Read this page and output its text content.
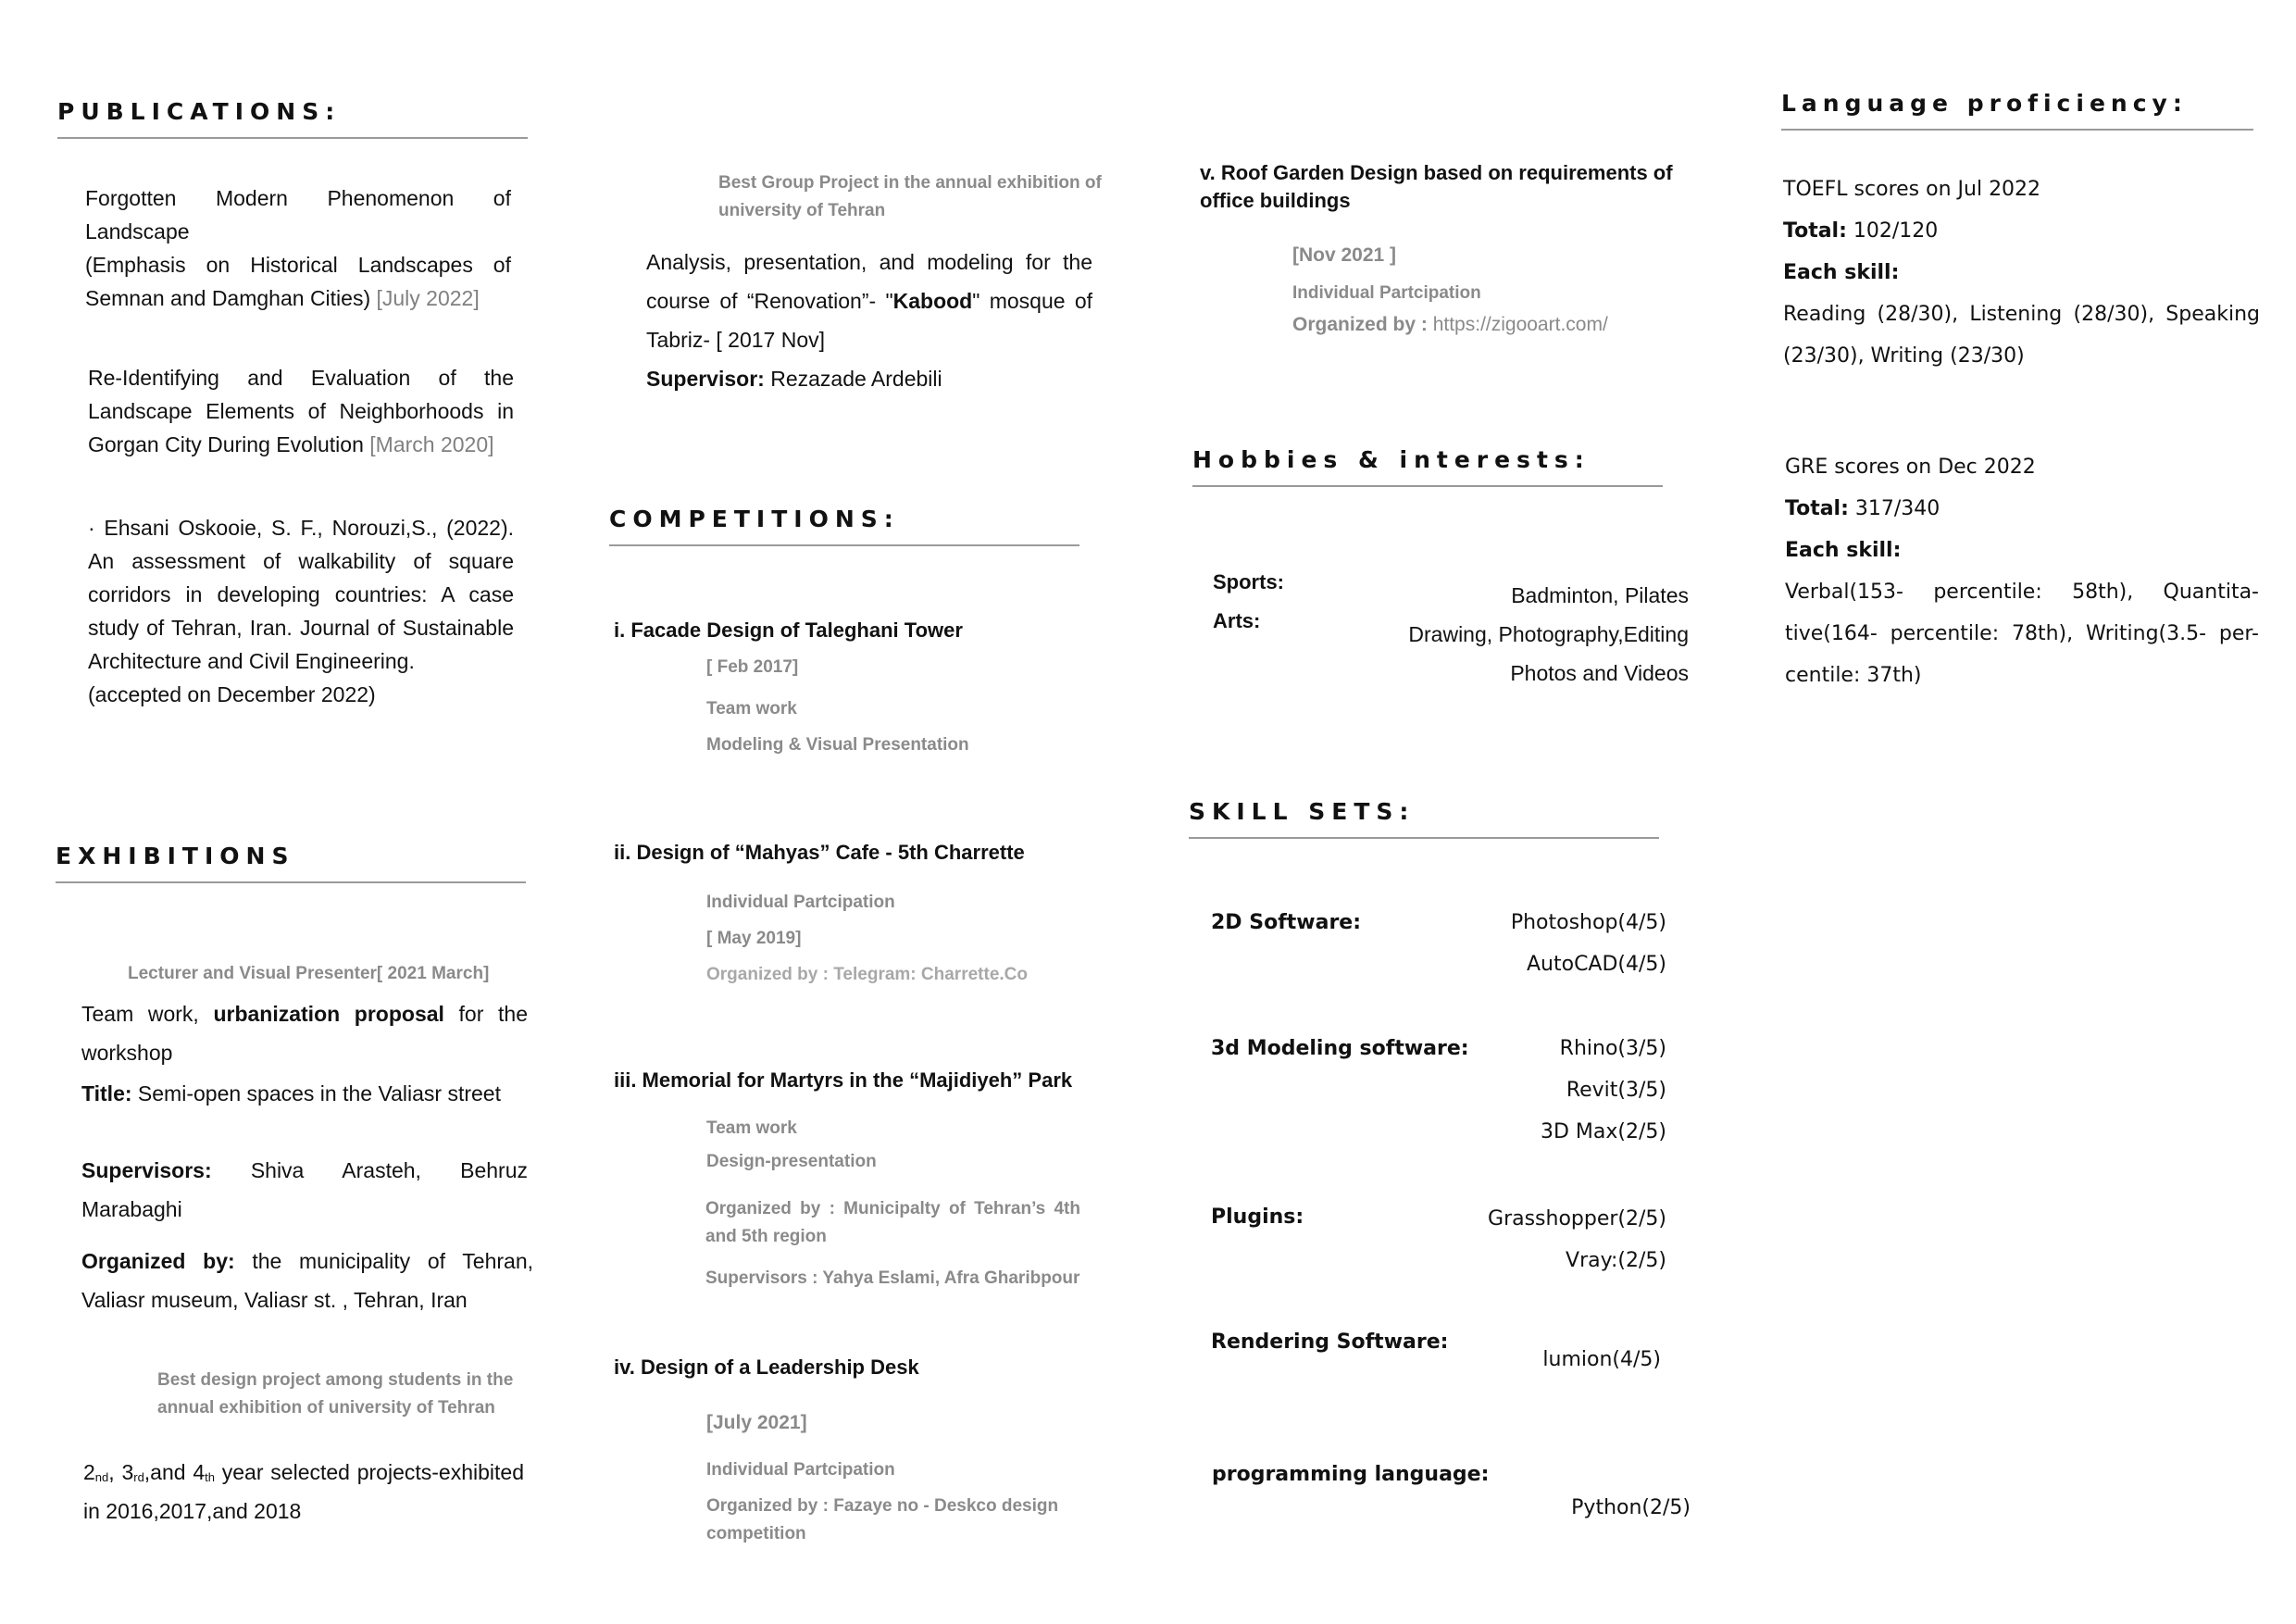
PUBLICATIONS:
Forgotten Modern Phenomenon of Landscape
(Emphasis on Historical Landscapes of Semnan and Damghan Cities) [July 2022]
Re-Identifying and Evaluation of the Landscape Elements of Neighborhoods in Gorgan City During Evolution [March 2020]
· Ehsani Oskooie, S. F., Norouzi,S., (2022). An assessment of walkability of square corridors in developing countries: A case study of Tehran, Iran. Journal of Sustainable Architecture and Civil Engineering.
(accepted on December 2022)
EXHIBITIONS
Lecturer and Visual Presenter[ 2021 March]
Team work, urbanization proposal for the workshop
Title: Semi-open spaces in the Valiasr street
Supervisors: Shiva Arasteh, Behruz Marabaghi
Organized by: the municipality of Tehran, Valiasr museum, Valiasr st. , Tehran, Iran
Best design project among students in the annual exhibition of university of Tehran
$2_{nd}$, $3_{rd},and$ $4_{th}$ year selected projects-exhibited in 2016,2017,and 2018
Best Group Project in the annual exhibition of university of Tehran
Analysis, presentation, and modeling for the course of “Renovation”- "Kabood" mosque of Tabriz- [ 2017 Nov]
Supervisor: Rezazade Ardebili
COMPETITIONS:
i. Facade Design of Taleghani Tower
[ Feb 2017]
Team work
Modeling & Visual Presentation
ii. Design of “Mahyas” Cafe - 5th Charrette
Individual Partcipation
[ May 2019]
Organized by : Telegram: Charrette.Co
iii. Memorial for Martyrs in the “Majidiyeh” Park
Team work
Design-presentation
Organized by : Municipalty of Tehran’s 4th and 5th region
Supervisors : Yahya Eslami, Afra Gharibpour
iv. Design of a Leadership Desk
[July 2021]
Individual Partcipation
Organized by : Fazaye no - Deskco design competition
v. Roof Garden Design based on requirements of office buildings
[Nov 2021 ]
Individual Partcipation
Organized by : https://zigooart.com/
Hobbies & interests:
Sports:
Badminton, Pilates
Arts:
Drawing, Photography,Editing
Photos and Videos
SKILL SETS:
2D Software:	Photoshop(4/5)
AutoCAD(4/5)
3d Modeling software:	Rhino(3/5)
Revit(3/5)
3D Max(2/5)
Plugins:	Grasshopper(2/5)
Vray:(2/5)
Rendering Software:
lumion(4/5)
programming language:
Python(2/5)
Language proficiency:
TOEFL scores on Jul 2022
Total: 102/120
Each skill:
Reading (28/30), Listening (28/30), Speaking (23/30), Writing (23/30)
GRE scores on Dec 2022
Total: 317/340
Each skill:
Verbal(153- percentile: 58th), Quantita-tive(164- percentile: 78th), Writing(3.5- per-centile: 37th)
